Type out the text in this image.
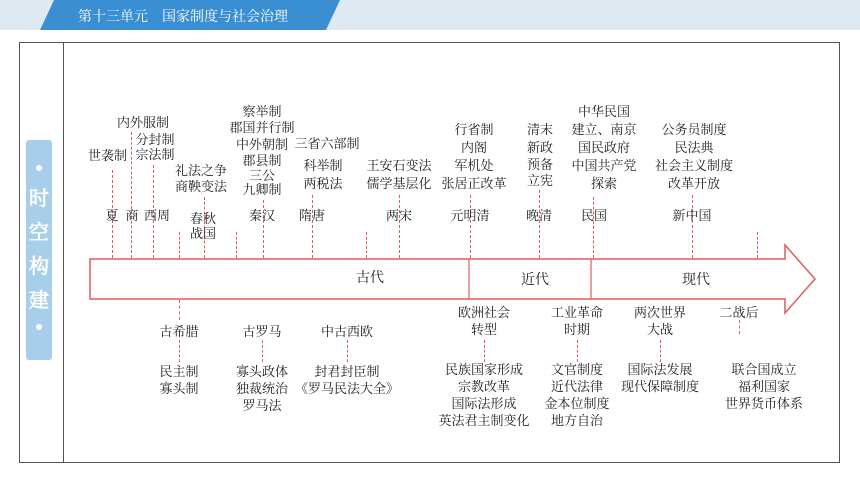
第十三单元　国家制度与社会治理
时
空
构
建
古代	近代	现代
夏 商 西周	春秋
战国
秦汉	隋唐	两宋	元明清	晚清	民国	新中国
世袭制
内外服制
分封制
宗法制
礼法之争
商鞅变法
察举制
郡国并行制
中外朝制
郡县制
三公
九卿制
三省六部制
科举制
两税法
王安石变法
儒学基层化
行省制
内阁
军机处
张居正改革
清末
新政
预备
立宪
中华民国
建立、南京
国民政府
中国共产党
探索
公务员制度
民法典
社会主义制度
改革开放
古希腊
民主制
寡头制
古罗马
寡头政体
独裁统治
罗马法
中古西欧
封君封臣制
《罗马民法大全》
欧洲社会
转型
民族国家形成
宗教改革
国际法形成
英法君主制变化
工业革命
时期
文官制度
近代法律
金本位制度
地方自治
两次世界
大战
国际法发展
现代保障制度
二战后
联合国成立
福利国家
世界货币体系
